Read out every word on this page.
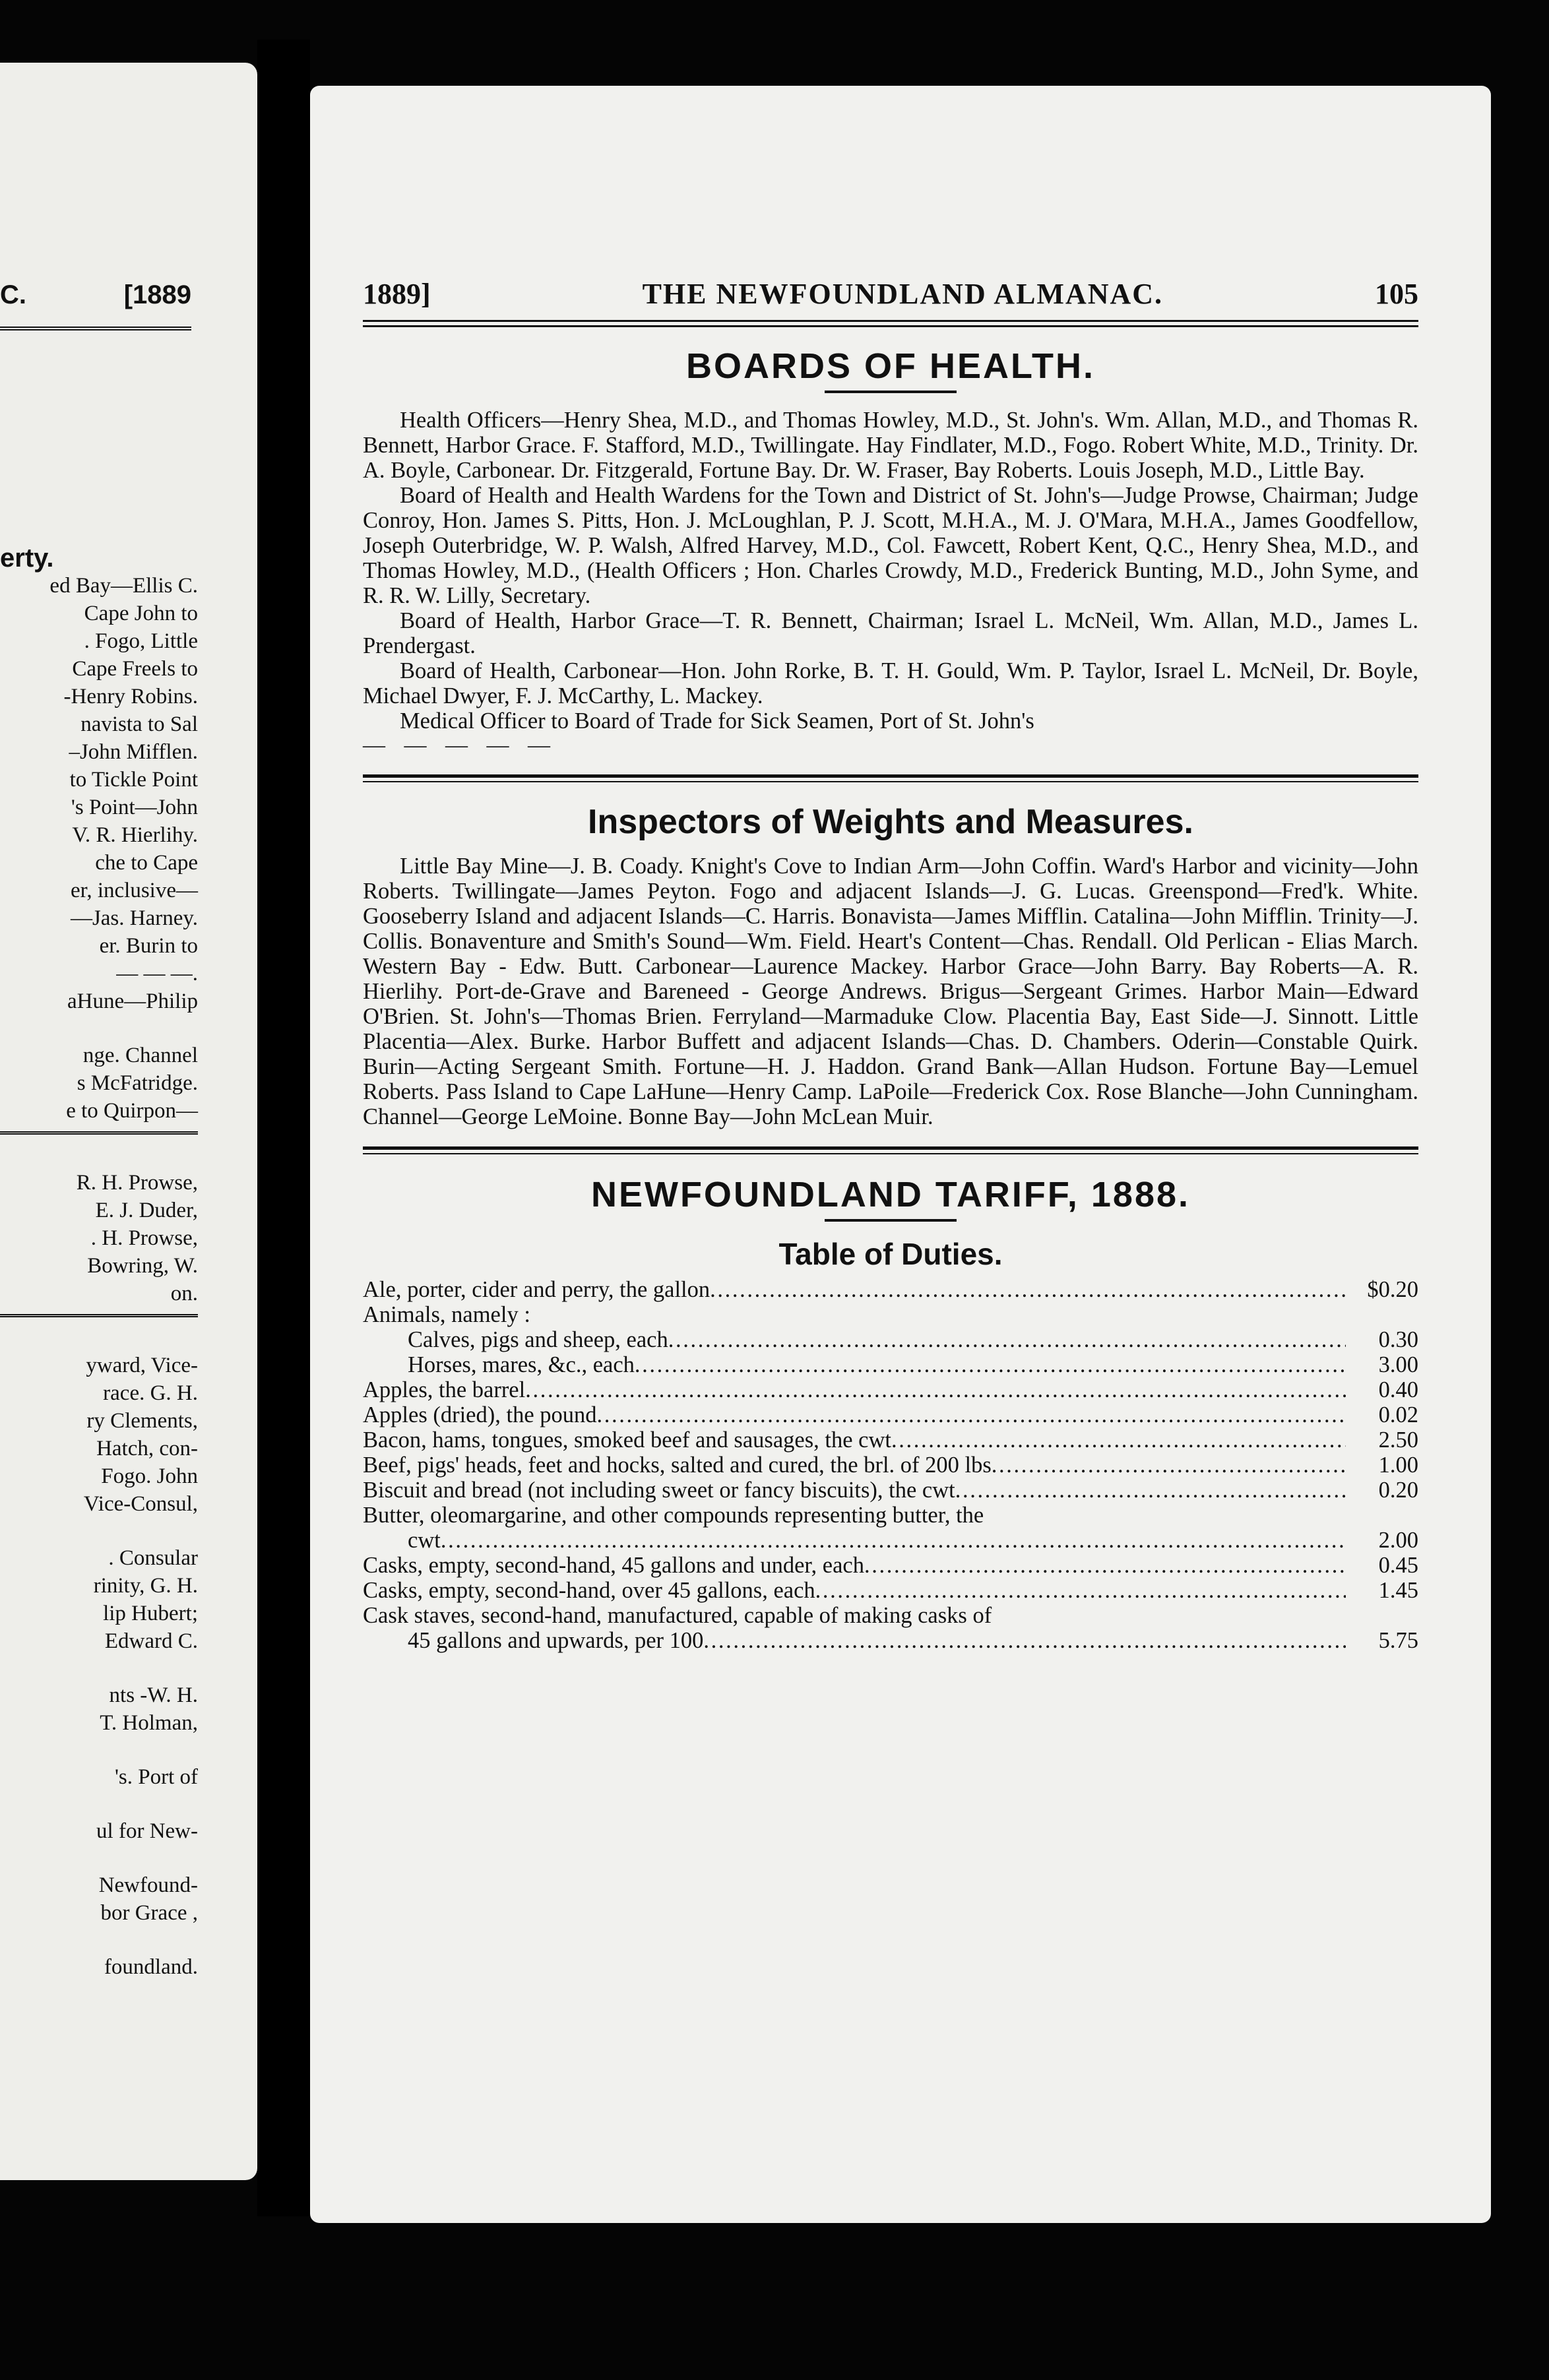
C.	[1889
erty.
ed Bay—Ellis C.
Cape John to
. Fogo, Little
Cape Freels to
-Henry Robins.
navista to Sal
–John Mifflen.
to Tickle Point
's Point—John
V. R. Hierlihy.
che to Cape
er, inclusive—
—Jas. Harney.
er. Burin to
— — —.
aHune—Philip
nge. Channel
s McFatridge.
e to Quirpon—
R. H. Prowse,
E. J. Duder,
. H. Prowse,
Bowring, W.
on.
yward, Vice-
race. G. H.
ry Clements,
Hatch, con-
Fogo. John
Vice-Consul,
. Consular
rinity, G. H.
lip Hubert;
Edward C.
nts -W. H.
T. Holman,
's. Port of
ul for New-
Newfound-
bor Grace ,
foundland.
1889]	THE NEWFOUNDLAND ALMANAC.	105
BOARDS OF HEALTH.

Health Officers—Henry Shea, M.D., and Thomas Howley, M.D., St. John's. Wm. Allan, M.D., and Thomas R. Bennett, Harbor Grace. F. Stafford, M.D., Twillingate. Hay Findlater, M.D., Fogo. Robert White, M.D., Trinity. Dr. A. Boyle, Carbonear. Dr. Fitzgerald, Fortune Bay. Dr. W. Fraser, Bay Roberts. Louis Joseph, M.D., Little Bay.

Board of Health and Health Wardens for the Town and District of St. John's—Judge Prowse, Chairman; Judge Conroy, Hon. James S. Pitts, Hon. J. McLoughlan, P. J. Scott, M.H.A., M. J. O'Mara, M.H.A., James Goodfellow, Joseph Outerbridge, W. P. Walsh, Alfred Harvey, M.D., Col. Fawcett, Robert Kent, Q.C., Henry Shea, M.D., and Thomas Howley, M.D., (Health Officers ; Hon. Charles Crowdy, M.D., Frederick Bunting, M.D., John Syme, and R. R. W. Lilly, Secretary.

Board of Health, Harbor Grace—T. R. Bennett, Chairman; Israel L. McNeil, Wm. Allan, M.D., James L. Prendergast.

Board of Health, Carbonear—Hon. John Rorke, B. T. H. Gould, Wm. P. Taylor, Israel L. McNeil, Dr. Boyle, Michael Dwyer, F. J. McCarthy, L. Mackey.

Medical Officer to Board of Trade for Sick Seamen, Port of St. John's

— — — — —
Inspectors of Weights and Measures.

Little Bay Mine—J. B. Coady. Knight's Cove to Indian Arm—John Coffin. Ward's Harbor and vicinity—John Roberts. Twillingate—James Peyton. Fogo and adjacent Islands—J. G. Lucas. Greenspond—Fred'k. White. Gooseberry Island and adjacent Islands—C. Harris. Bonavista—James Mifflin. Catalina—John Mifflin. Trinity—J. Collis. Bonaventure and Smith's Sound—Wm. Field. Heart's Content—Chas. Rendall. Old Perlican - Elias March. Western Bay - Edw. Butt. Carbonear—Laurence Mackey. Harbor Grace—John Barry. Bay Roberts—A. R. Hierlihy. Port-de-Grave and Bareneed - George Andrews. Brigus—Sergeant Grimes. Harbor Main—Edward O'Brien. St. John's—Thomas Brien. Ferryland—Marmaduke Clow. Placentia Bay, East Side—J. Sinnott. Little Placentia—Alex. Burke. Harbor Buffett and adjacent Islands—Chas. D. Chambers. Oderin—Constable Quirk. Burin—Acting Sergeant Smith. Fortune—H. J. Haddon. Grand Bank—Allan Hudson. Fortune Bay—Lemuel Roberts. Pass Island to Cape LaHune—Henry Camp. LaPoile—Frederick Cox. Rose Blanche—John Cunningham. Channel—George LeMoine. Bonne Bay—John McLean Muir.

NEWFOUNDLAND TARIFF, 1888.
Table of Duties.
Ale, porter, cider and perry, the gallon . . .	$0.20
Animals, namely :
Calves, pigs and sheep, each . . .	0.30
Horses, mares, &c., each . . .	3.00
Apples, the barrel . . .	0.40
Apples (dried), the pound . . .	0.02
Bacon, hams, tongues, smoked beef and sausages, the cwt . . .	2.50
Beef, pigs' heads, feet and hocks, salted and cured, the brl. of 200 lbs . . .	1.00
Biscuit and bread (not including sweet or fancy biscuits), the cwt . . .	0.20
Butter, oleomargarine, and other compounds representing butter, the
cwt . . .	2.00
Casks, empty, second-hand, 45 gallons and under, each . . .	0.45
Casks, empty, second-hand, over 45 gallons, each . . .	1.45
Cask staves, second-hand, manufactured, capable of making casks of
45 gallons and upwards, per 100 . . .	5.75
